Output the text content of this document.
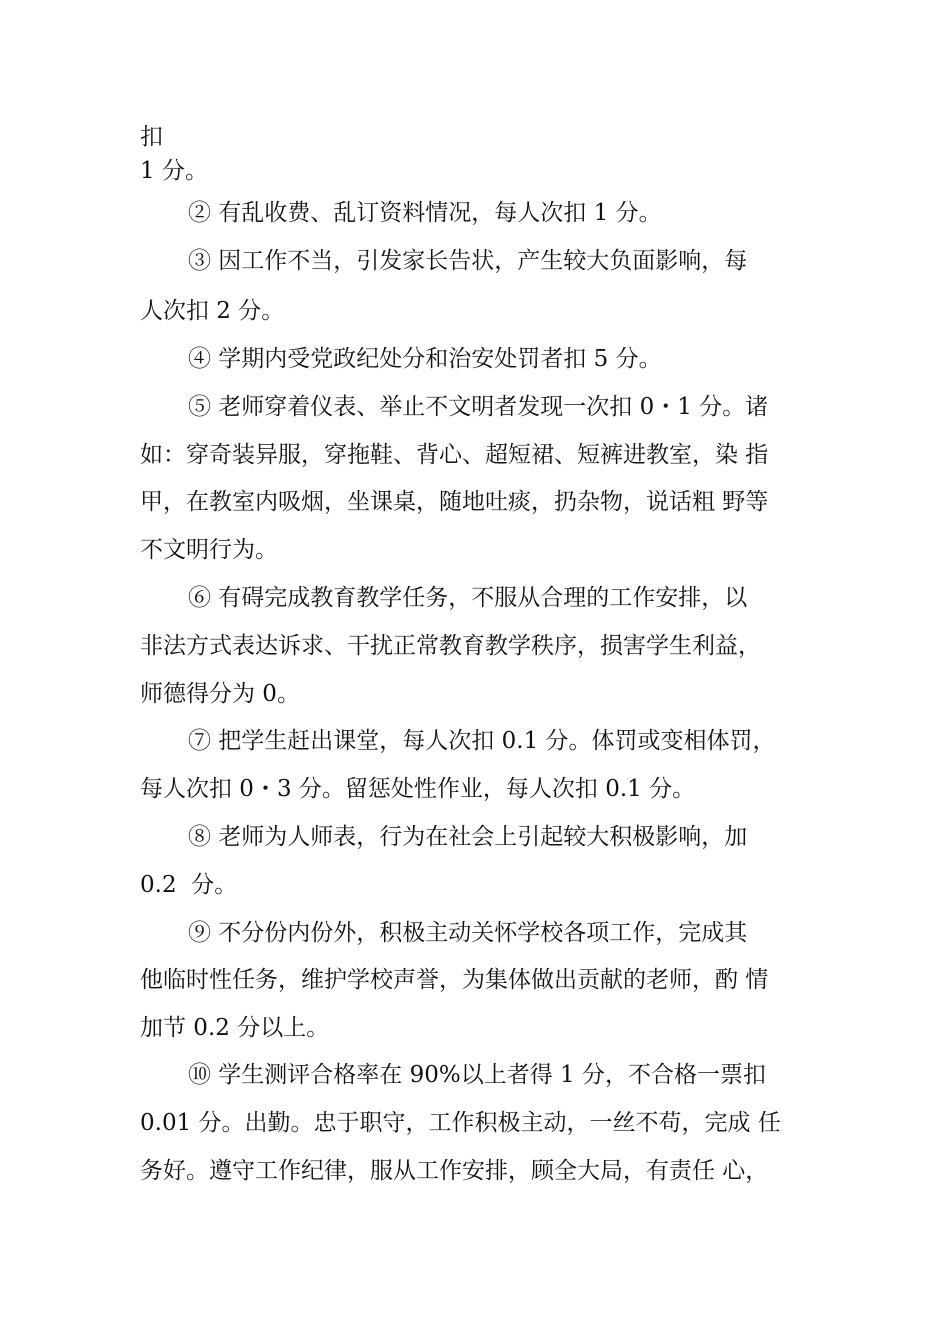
扣
1 分。
② 有乱收费、乱订资料情况，每人次扣 1 分。
③ 因工作不当，引发家长告状，产生较大负面影响，每
人次扣 2 分。
④ 学期内受党政纪处分和治安处罚者扣 5 分。
⑤ 老师穿着仪表、举止不文明者发现一次扣 0・1 分。诸
如：穿奇装异服，穿拖鞋、背心、超短裙、短裤进教室，染 指
甲，在教室内吸烟，坐课桌，随地吐痰，扔杂物，说话粗 野等
不文明行为。
⑥ 有碍完成教育教学任务，不服从合理的工作安排，以
非法方式表达诉求、干扰正常教育教学秩序，损害学生利益，
师德得分为 0。
⑦ 把学生赶出课堂，每人次扣 0.1 分。体罚或变相体罚，
每人次扣 0・3 分。留惩处性作业，每人次扣 0.1 分。
⑧ 老师为人师表，行为在社会上引起较大积极影响，加
0.2  分。
⑨ 不分份内份外，积极主动关怀学校各项工作，完成其
他临时性任务，维护学校声誉，为集体做出贡献的老师，酌 情
加节 0.2 分以上。
⑩ 学生测评合格率在 90%以上者得 1 分，不合格一票扣
0.01 分。出勤。忠于职守，工作积极主动，一丝不苟，完成 任
务好。遵守工作纪律，服从工作安排，顾全大局，有责任 心，
